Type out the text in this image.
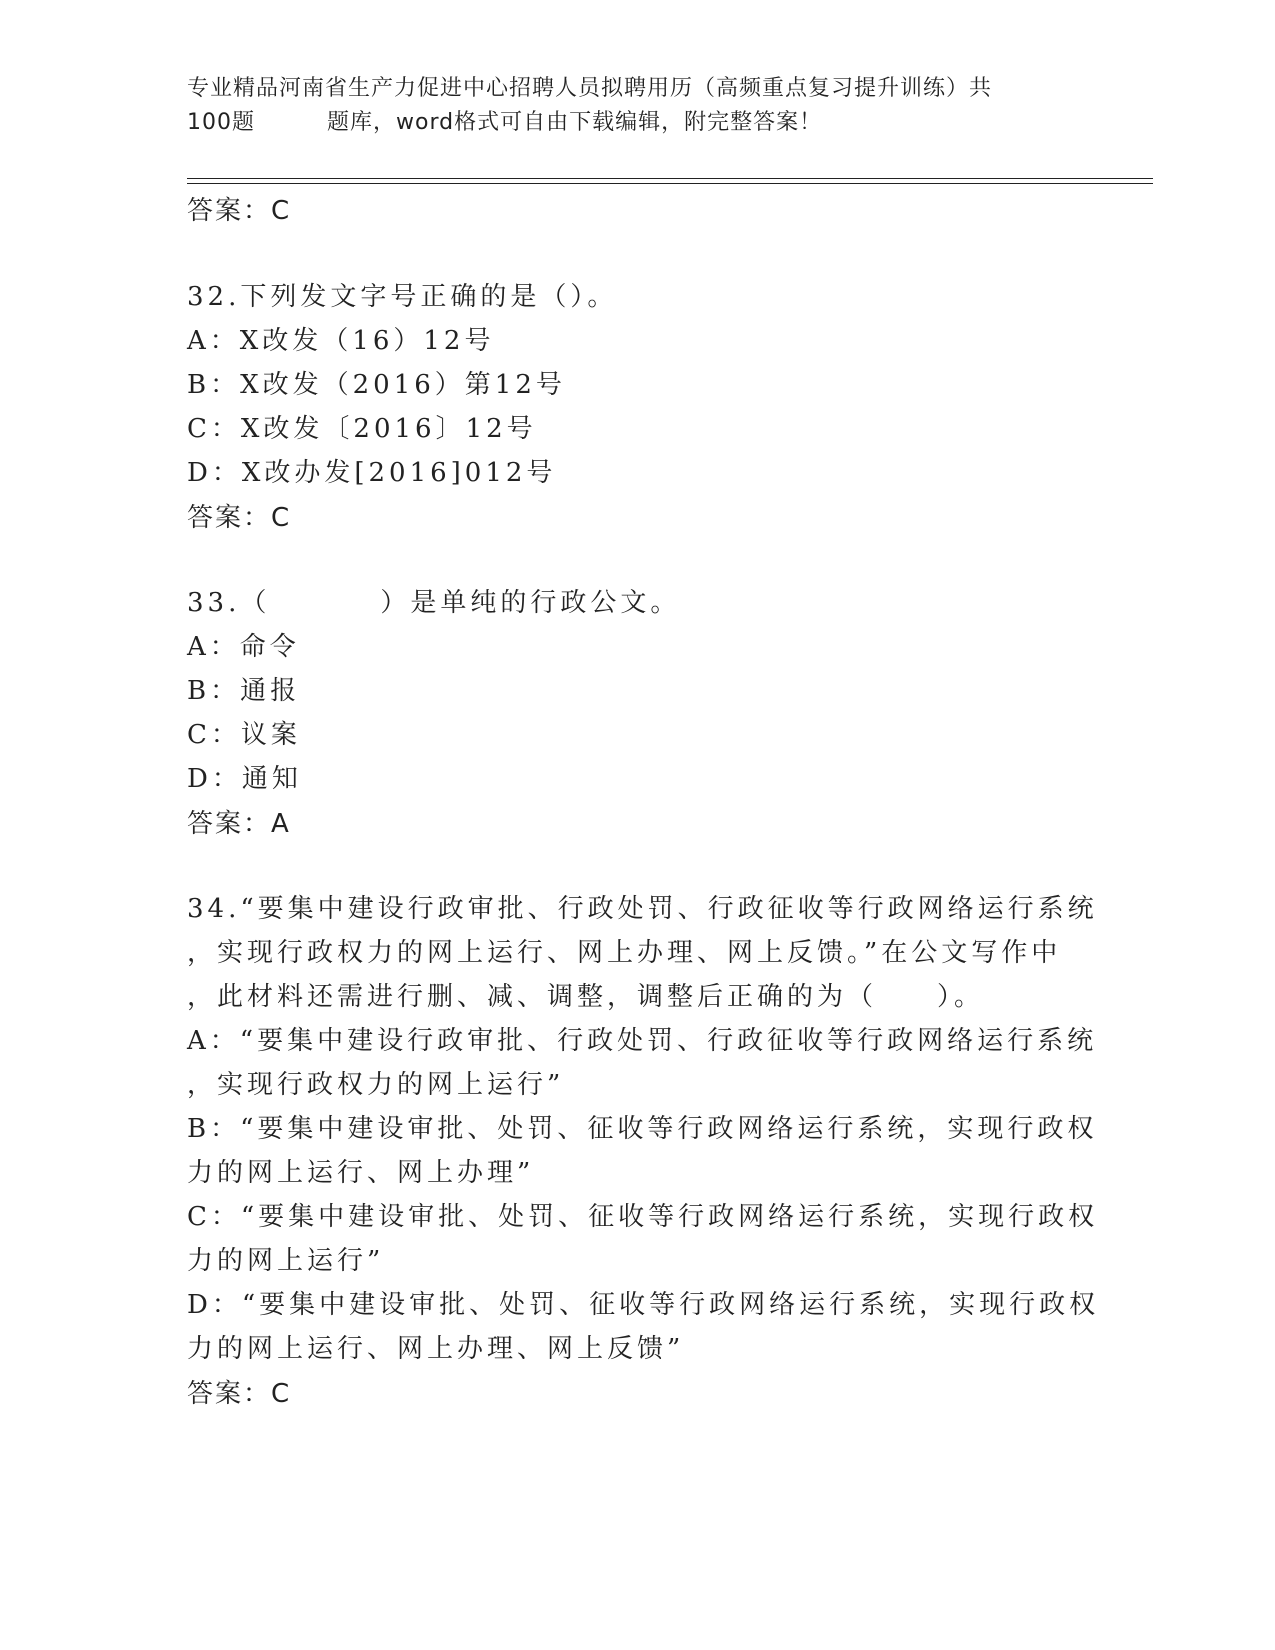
专业精品河南省生产力促进中心招聘人员拟聘用历（高频重点复习提升训练）共
100题	题库，word格式可自由下载编辑，附完整答案！
答案：C
32.下列发文字号正确的是（）。
A：X改发（16）12号
B：X改发（2016）第12号
C：X改发〔2016〕12号
D：X改办发[2016]012号
答案：C
33.（	）是单纯的行政公文。
A：命令
B：通报
C：议案
D：通知
答案：A
34.“要集中建设行政审批、行政处罚、行政征收等行政网络运行系统
，实现行政权力的网上运行、网上办理、网上反馈。”在公文写作中
，此材料还需进行删、减、调整，调整后正确的为（　　）。
A：“要集中建设行政审批、行政处罚、行政征收等行政网络运行系统
，实现行政权力的网上运行”
B：“要集中建设审批、处罚、征收等行政网络运行系统，实现行政权
力的网上运行、网上办理”
C：“要集中建设审批、处罚、征收等行政网络运行系统，实现行政权
力的网上运行”
D：“要集中建设审批、处罚、征收等行政网络运行系统，实现行政权
力的网上运行、网上办理、网上反馈”
答案：C
